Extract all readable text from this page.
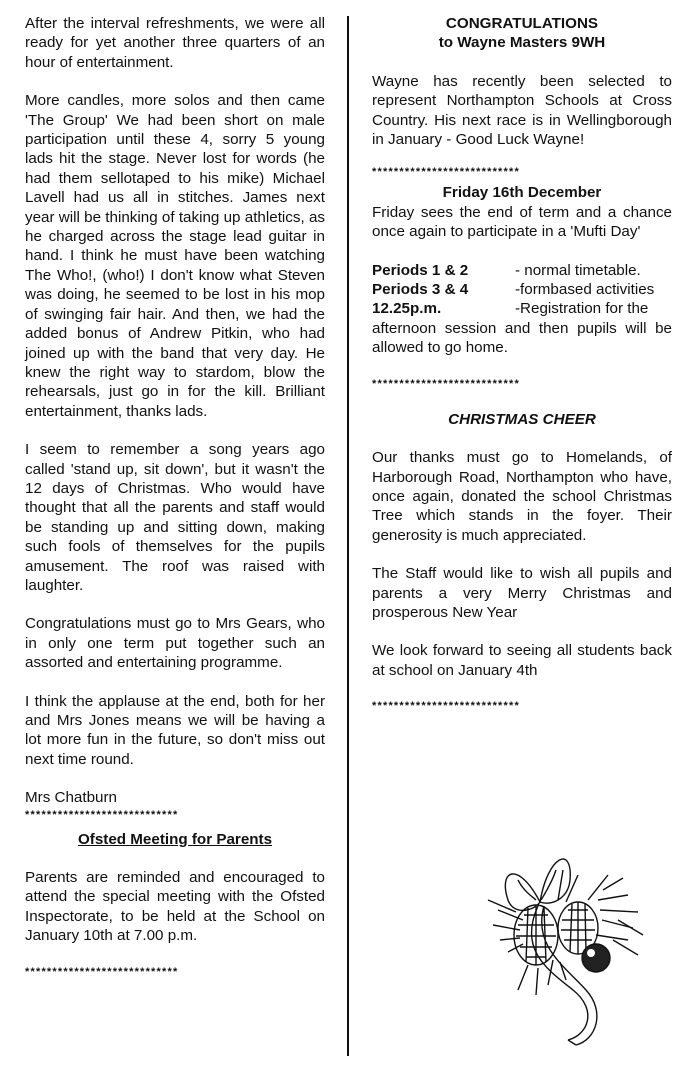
After the interval refreshments, we were all ready for yet another three quarters of an hour of entertainment.

More candles, more solos and then came 'The Group' We had been short on male participation until these 4, sorry 5 young lads hit the stage. Never lost for words (he had them sellotaped to his mike) Michael Lavell had us all in stitches. James next year will be thinking of taking up athletics, as he charged across the stage lead guitar in hand. I think he must have been watching The Who!, (who!) I don't know what Steven was doing, he seemed to be lost in his mop of swinging fair hair. And then, we had the added bonus of Andrew Pitkin, who had joined up with the band that very day. He knew the right way to stardom, blow the rehearsals, just go in for the kill. Brilliant entertainment, thanks lads.

I seem to remember a song years ago called 'stand up, sit down', but it wasn't the 12 days of Christmas. Who would have thought that all the parents and staff would be standing up and sitting down, making such fools of themselves for the pupils amusement. The roof was raised with laughter.

Congratulations must go to Mrs Gears, who in only one term put together such an assorted and entertaining programme.

I think the applause at the end, both for her and Mrs Jones means we will be having a lot more fun in the future, so don't miss out next time round.

Mrs Chatburn

****************************

Ofsted Meeting for Parents

Parents are reminded and encouraged to attend the special meeting with the Ofsted Inspectorate, to be held at the School on January 10th at 7.00 p.m.

****************************

CONGRATULATIONS

to Wayne Masters 9WH

Wayne has recently been selected to represent Northampton Schools at Cross Country. His next race is in Wellingborough in January - Good Luck Wayne!

***************************

Friday 16th December

Friday sees the end of term and a chance once again to participate in a 'Mufti Day'

Periods 1 & 2	- normal timetable.
Periods 3 & 4	-formbased activities
12.25p.m.	-Registration for the

afternoon session and then pupils will be allowed to go home.

***************************

CHRISTMAS CHEER

Our thanks must go to Homelands, of Harborough Road, Northampton who have, once again, donated the school Christmas Tree which stands in the foyer. Their generosity is much appreciated.

The Staff would like to wish all pupils and parents a very Merry Christmas and prosperous New Year

We look forward to seeing all students back at school on January 4th

***************************
